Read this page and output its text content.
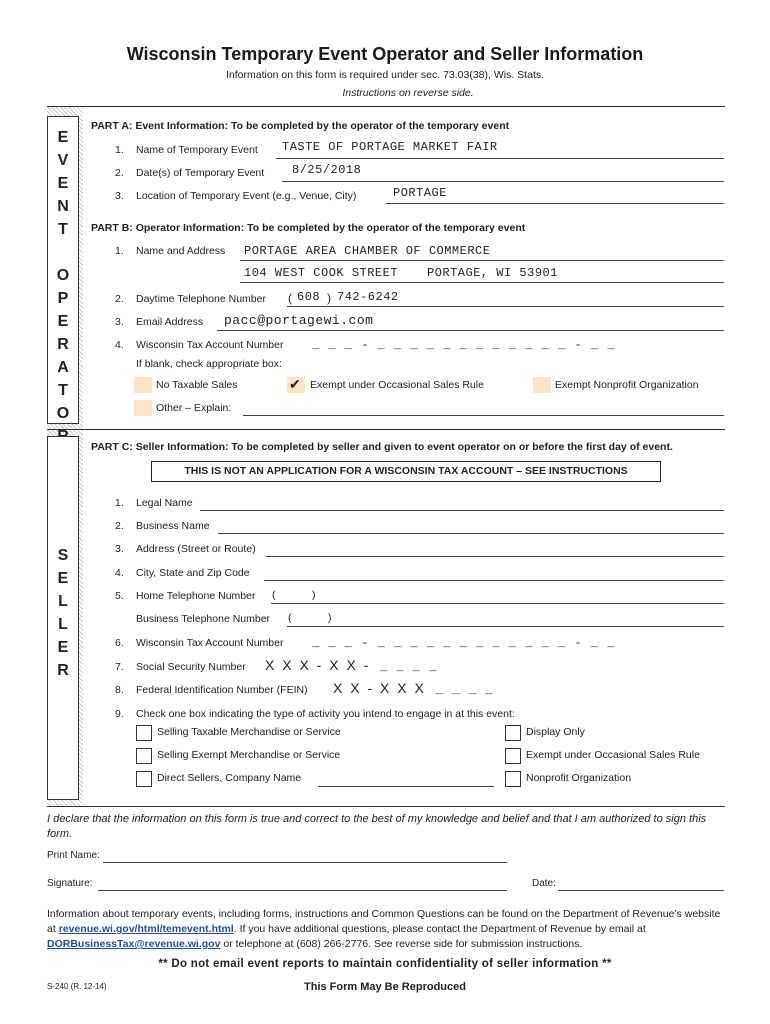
Wisconsin Temporary Event Operator and Seller Information
Information on this form is required under sec. 73.03(38), Wis. Stats.
Instructions on reverse side.
E
V
E
N
T
O
P
E
R
A
T
O
S
E
L
L
E
R
PART A: Event Information: To be completed by the operator of the temporary event
1. Name of Temporary Event TASTE OF PORTAGE MARKET FAIR
2. Date(s) of Temporary Event 8/25/2018
3. Location of Temporary Event (e.g., Venue, City)	PORTAGE
PART B: Operator Information: To be completed by the operator of the temporary event
1. Name and Address PORTAGE AREA CHAMBER OF COMMERCE
104 WEST COOK STREET PORTAGE, WI 53901
2. Daytime Telephone Number ( 608 ) 742-6242
3. Email Address pacc@portagewi.com
4. Wisconsin Tax Account Number _ _ _ - _ _ _ _ _ _ _ _ _ _ _ _ - _ _
If blank, check appropriate box:
No Taxable Sales	✔ Exempt under Occasional Sales Rule	Exempt Nonprofit Organization
Other – Explain:
PART C: Seller Information: To be completed by seller and given to event operator on or before the first day of event.
THIS IS NOT AN APPLICATION FOR A WISCONSIN TAX ACCOUNT – SEE INSTRUCTIONS
1. Legal Name
2. Business Name
3. Address (Street or Route)
4. City, State and Zip Code
5. Home Telephone Number (	)
Business Telephone Number (	)
6. Wisconsin Tax Account Number _ _ _ - _ _ _ _ _ _ _ _ _ _ _ _ - _ _
7. Social Security Number X X X - X X - _ _ _ _
8. Federal Identification Number (FEIN) X X - X X X _ _ _ _
9. Check one box indicating the type of activity you intend to engage in at this event:
Selling Taxable Merchandise or Service	Display Only
Selling Exempt Merchandise or Service	Exempt under Occasional Sales Rule
Direct Sellers, Company Name	Nonprofit Organization
I declare that the information on this form is true and correct to the best of my knowledge and belief and that I am authorized to sign this form.
Print Name:
Signature:	Date:
Information about temporary events, including forms, instructions and Common Questions can be found on the Department of Revenue’s website at revenue.wi.gov/html/temevent.html. If you have additional questions, please contact the Department of Revenue by email at DORBusinessTax@revenue.wi.gov or telephone at (608) 266-2776. See reverse side for submission instructions.
** Do not email event reports to maintain confidentiality of seller information **
S-240 (R. 12-14)	This Form May Be Reproduced
